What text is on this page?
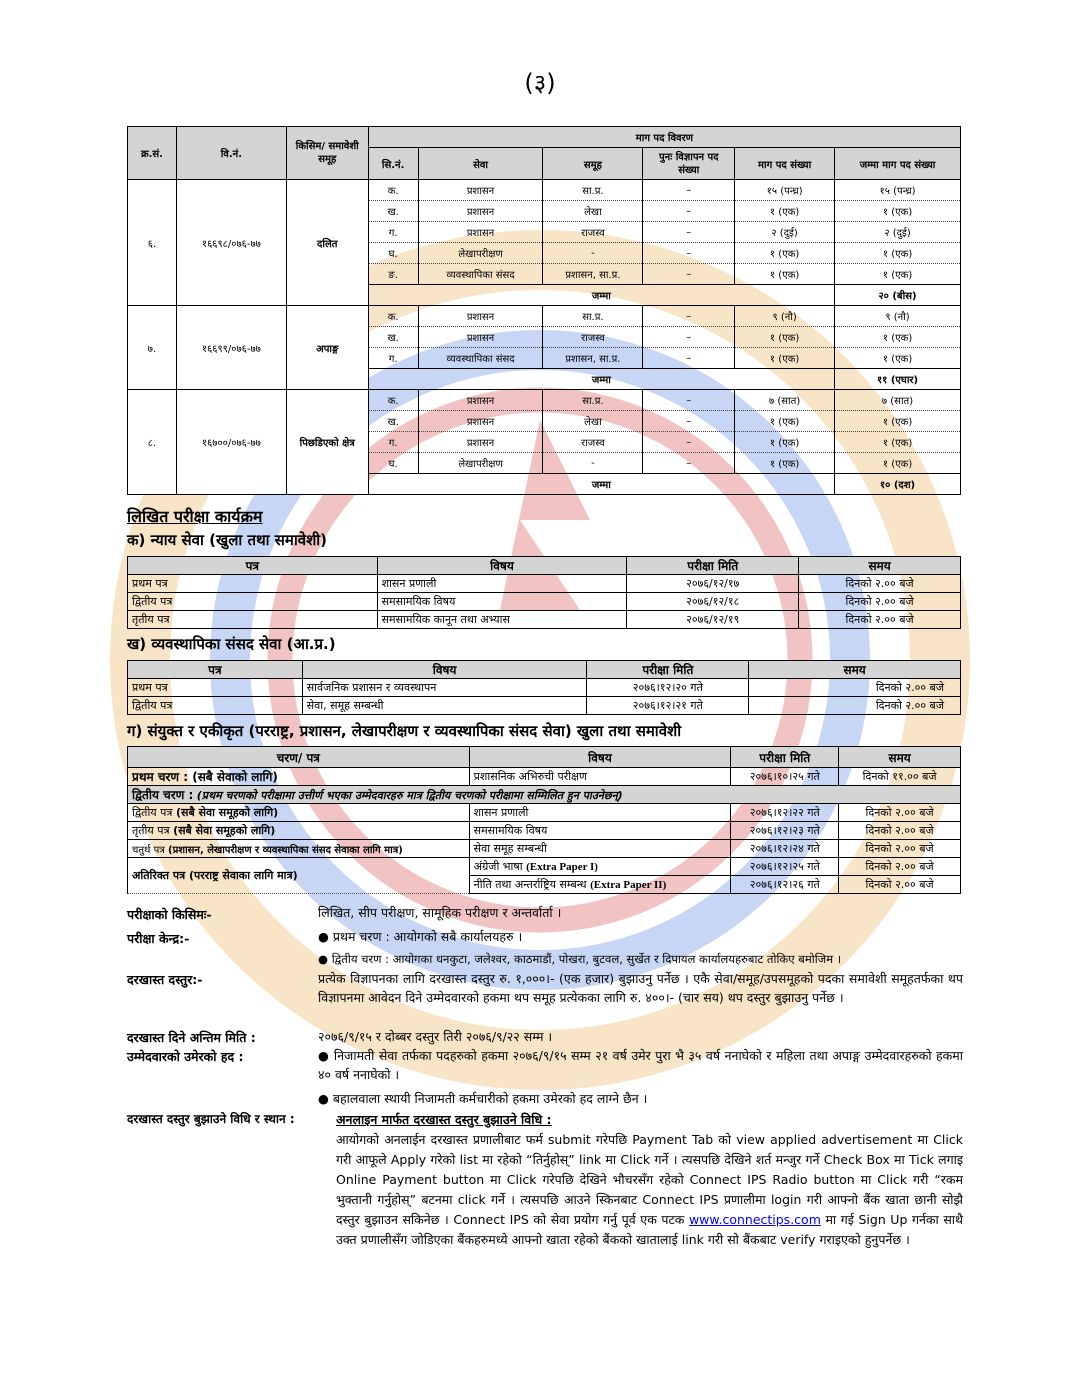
(३)
क्र.सं.	वि.नं.	किसिम/ समावेशी समूह	माग पद विवरण					
			सि.नं.	सेवा	समूह	पुनः विज्ञापन पद संख्या	माग पद संख्या	जम्मा माग पद संख्या
६.	१६६९८/०७६-७७	दलित	क.	प्रशासन	सा.प्र.	–	१५ (पन्ध्र)	१५ (पन्ध्र)
			ख.	प्रशासन	लेखा	–	१ (एक)	१ (एक)
			ग.	प्रशासन	राजस्व	–	२ (दुई)	२ (दुई)
			घ.	लेखापरीक्षण	-	–	१ (एक)	१ (एक)
			ङ.	व्यवस्थापिका संसद	प्रशासन, सा.प्र.	–	१ (एक)	१ (एक)
			जम्मा					२० (बीस)
७.	१६६९९/०७६-७७	अपाङ्ग	क.	प्रशासन	सा.प्र.	–	९ (नौ)	९ (नौ)
			ख.	प्रशासन	राजस्व	–	१ (एक)	१ (एक)
			ग.	व्यवस्थापिका संसद	प्रशासन, सा.प्र.	–	१ (एक)	१ (एक)
			जम्मा					११ (एघार)
८.	१६७००/०७६-७७	पिछडिएको क्षेत्र	क.	प्रशासन	सा.प्र.	–	७ (सात)	७ (सात)
			ख.	प्रशासन	लेखा	–	१ (एक)	१ (एक)
			ग.	प्रशासन	राजस्व	–	१ (एक)	१ (एक)
			घ.	लेखापरीक्षण	-	–	१ (एक)	१ (एक)
			जम्मा					१० (दश)
लिखित परीक्षा कार्यक्रम
क) न्याय सेवा (खुला तथा समावेशी)
पत्र	विषय	परीक्षा मिति	समय
प्रथम पत्र	शासन प्रणाली	२०७६/१२/१७	दिनको २.०० बजे
द्वितीय पत्र	समसामयिक विषय	२०७६/१२/१८	दिनको २.०० बजे
तृतीय पत्र	समसामयिक कानून तथा अभ्यास	२०७६/१२/१९	दिनको २.०० बजे
ख) व्यवस्थापिका संसद सेवा (आ.प्र.)
पत्र	विषय	परीक्षा मिति	समय
प्रथम पत्र	सार्वजनिक प्रशासन र व्यवस्थापन	२०७६।१२।२० गते	दिनको २.०० बजे
द्वितीय पत्र	सेवा, समूह सम्बन्धी	२०७६।१२।२१ गते	दिनको २.०० बजे
ग) संयुक्त र एकीकृत (परराष्ट्र, प्रशासन, लेखापरीक्षण र व्यवस्थापिका संसद सेवा) खुला तथा समावेशी
चरण/ पत्र	विषय	परीक्षा मिति	समय
प्रथम चरण : (सबै सेवाको लागि)	प्रशासनिक अभिरुची परीक्षण	२०७६।१०।२५ गते	दिनको ११.०० बजे
द्वितीय चरण : (प्रथम चरणको परीक्षामा उत्तीर्ण भएका उम्मेदवारहरु मात्र द्वितीय चरणको परीक्षामा सम्मिलित हुन पाउनेछन्)			
द्वितीय पत्र (सबै सेवा समूहको लागि)	शासन प्रणाली	२०७६।१२।२२ गते	दिनको २.०० बजे
तृतीय पत्र (सबै सेवा समूहको लागि)	समसामयिक विषय	२०७६।१२।२३ गते	दिनको २.०० बजे
चतुर्थ पत्र (प्रशासन, लेखापरीक्षण र व्यवस्थापिका संसद सेवाका लागि मात्र)	सेवा समूह सम्बन्धी	२०७६।१२।२४ गते	दिनको २.०० बजे
अतिरिक्त पत्र (परराष्ट्र सेवाका लागि मात्र)	अंग्रेजी भाषा (Extra Paper I)	२०७६।१२।२५ गते	दिनको २.०० बजे
	नीति तथा अन्तर्राष्ट्रिय सम्बन्ध (Extra Paper II)	२०७६।१२।२६ गते	दिनको २.०० बजे
परीक्षाको किसिमः-	लिखित, सीप परीक्षण, सामूहिक परीक्षण र अन्तर्वार्ता ।
परीक्षा केन्द्र:-	● प्रथम चरण : आयोगको सबै कार्यालयहरु ।
● द्वितीय चरण : आयोगका धनकुटा, जलेश्वर, काठमाडौं, पोखरा, बुटवल, सुर्खेत र दिपायल कार्यालयहरुबाट तोकिए बमोजिम ।
दरखास्त दस्तुर:-	प्रत्येक विज्ञापनका लागि दरखास्त दस्तुर रु. १,०००।- (एक हजार) बुझाउनु पर्नेछ । एकै सेवा/समूह/उपसमूहको पदका समावेशी समूहतर्फका थप विज्ञापनमा आवेदन दिने उम्मेदवारको हकमा थप समूह प्रत्येकका लागि रु. ४००।- (चार सय) थप दस्तुर बुझाउनु पर्नेछ ।
दरखास्त दिने अन्तिम मिति :	२०७६/९/१५ र दोब्बर दस्तुर तिरी २०७६/९/२२ सम्म ।
उम्मेदवारको उमेरको हद :	● निजामती सेवा तर्फका पदहरुको हकमा २०७६/९/१५ सम्म २१ वर्ष उमेर पुरा भै ३५ वर्ष ननाघेको र महिला तथा अपाङ्ग उम्मेदवारहरुको हकमा ४० वर्ष ननाघेको ।
● बहालवाला स्थायी निजामती कर्मचारीको हकमा उमेरको हद लाग्ने छैन ।
दरखास्त दस्तुर बुझाउने विधि र स्थान :	अनलाइन मार्फत दरखास्त दस्तुर बुझाउने विधि :
आयोगको अनलाईन दरखास्त प्रणालीबाट फर्म submit गरेपछि Payment Tab को view applied advertisement मा Click गरी आफूले Apply गरेको list मा रहेको “तिर्नुहोस्” link मा Click गर्ने । त्यसपछि देखिने शर्त मन्जुर गर्ने Check Box मा Tick लगाइ Online Payment button मा Click गरेपछि देखिने भौचरसँग रहेको Connect IPS Radio button मा Click गरी “रकम भुक्तानी गर्नुहोस्” बटनमा click गर्ने । त्यसपछि आउने स्किनबाट Connect IPS प्रणालीमा login गरी आफ्नो बैंक खाता छानी सोझै दस्तुर बुझाउन सकिनेछ । Connect IPS को सेवा प्रयोग गर्नु पूर्व एक पटक www.connectips.com मा गई Sign Up गर्नका साथै उक्त प्रणालीसँग जोडिएका बैंकहरुमध्ये आफ्नो खाता रहेको बैंकको खातालाई link गरी सो बैंकबाट verify गराइएको हुनुपर्नेछ ।
